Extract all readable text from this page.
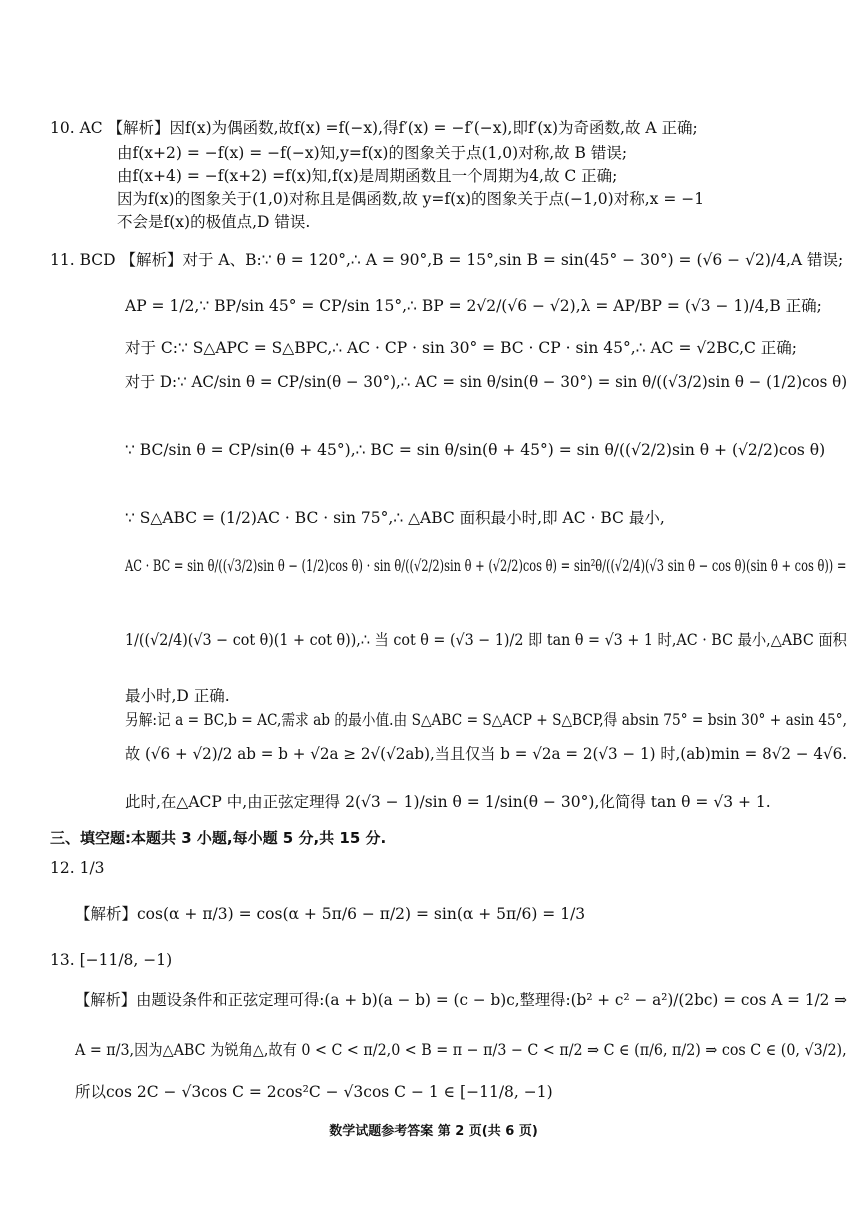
10. AC 【解析】因f(x)为偶函数,故f(x) =f(−x),得f′(x) = −f′(−x),即f′(x)为奇函数,故 A 正确;
由f(x+2) = −f(x) = −f(−x)知,y=f(x)的图象关于点(1,0)对称,故 B 错误;
由f(x+4) = −f(x+2) =f(x)知,f(x)是周期函数且一个周期为4,故 C 正确;
因为f(x)的图象关于(1,0)对称且是偶函数,故 y=f(x)的图象关于点(−1,0)对称,x = −1
不会是f(x)的极值点,D 错误.
11. BCD 【解析】对于 A、B:∵ θ = 120°,∴ A = 90°,B = 15°,sin B = sin(45° − 30°) = (√6 − √2)/4,A 错误;
AP = 1/2,∵ BP/sin 45° = CP/sin 15°,∴ BP = 2√2/(√6 − √2),λ = AP/BP = (√3 − 1)/4,B 正确;
对于 C:∵ S△APC = S△BPC,∴ AC · CP · sin 30° = BC · CP · sin 45°,∴ AC = √2BC,C 正确;
对于 D:∵ AC/sin θ = CP/sin(θ − 30°),∴ AC = sin θ/sin(θ − 30°) = sin θ/((√3/2)sin θ − (1/2)cos θ)
∵ BC/sin θ = CP/sin(θ + 45°),∴ BC = sin θ/sin(θ + 45°) = sin θ/((√2/2)sin θ + (√2/2)cos θ)
∵ S△ABC = (1/2)AC · BC · sin 75°,∴ △ABC 面积最小时,即 AC · BC 最小,
AC · BC = sin θ/((√3/2)sin θ − (1/2)cos θ) · sin θ/((√2/2)sin θ + (√2/2)cos θ) = sin²θ/((√2/4)(√3 sin θ − cos θ)(sin θ + cos θ)) =
1/((√2/4)(√3 − cot θ)(1 + cot θ)),∴ 当 cot θ = (√3 − 1)/2 即 tan θ = √3 + 1 时,AC · BC 最小,△ABC 面积
最小时,D 正确.
另解:记 a = BC,b = AC,需求 ab 的最小值.由 S△ABC = S△ACP + S△BCP,得 absin 75° = bsin 30° + asin 45°,
故 (√6 + √2)/2 ab = b + √2a ≥ 2√(√2ab),当且仅当 b = √2a = 2(√3 − 1) 时,(ab)min = 8√2 − 4√6.
此时,在△ACP 中,由正弦定理得 2(√3 − 1)/sin θ = 1/sin(θ − 30°),化简得 tan θ = √3 + 1.
三、填空题:本题共 3 小题,每小题 5 分,共 15 分.
12. 1/3
【解析】cos(α + π/3) = cos(α + 5π/6 − π/2) = sin(α + 5π/6) = 1/3
13. [−11/8, −1)
【解析】由题设条件和正弦定理可得:(a + b)(a − b) = (c − b)c,整理得:(b² + c² − a²)/(2bc) = cos A = 1/2 ⇒
A = π/3,因为△ABC 为锐角△,故有 0 < C < π/2,0 < B = π − π/3 − C < π/2 ⇒ C ∈ (π/6, π/2) ⇒ cos C ∈ (0, √3/2),
所以cos 2C − √3cos C = 2cos²C − √3cos C − 1 ∈ [−11/8, −1)
数学试题参考答案 第 2 页(共 6 页)
